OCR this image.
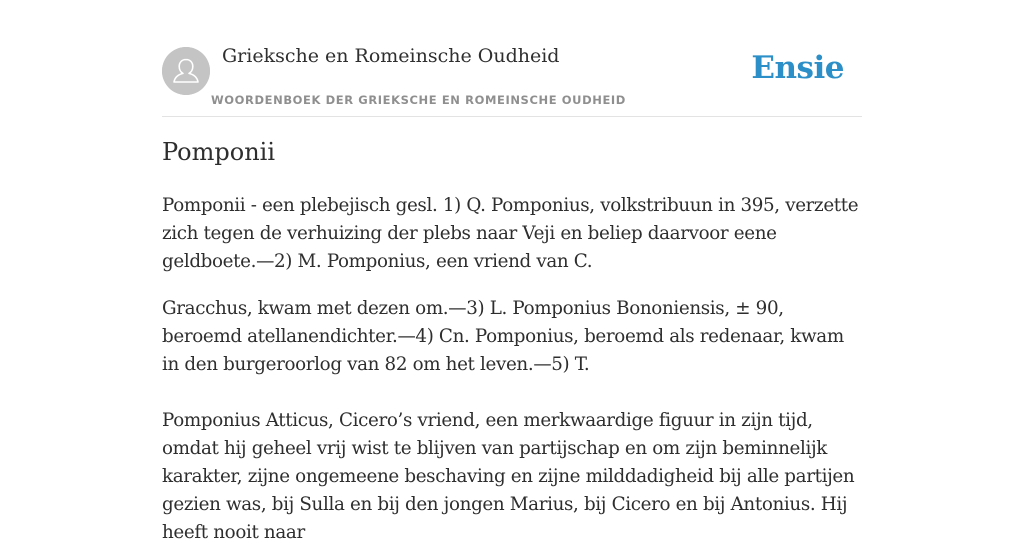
Grieksche en Romeinsche Oudheid
WOORDENBOEK DER GRIEKSCHE EN ROMEINSCHE OUDHEID
Ensie
Pomponii

Pomponii - een plebejisch gesl. 1) Q. Pomponius, volkstribuun in 395, verzette zich tegen de verhuizing der plebs naar Veji en beliep daarvoor eene geldboete.—2) M. Pomponius, een vriend van C.

Gracchus, kwam met dezen om.—3) L. Pomponius Bononiensis, ± 90, beroemd atellanendichter.—4) Cn. Pomponius, beroemd als redenaar, kwam in den burgeroorlog van 82 om het leven.—5) T.

Pomponius Atticus, Cicero’s vriend, een merkwaardige figuur in zijn tijd, omdat hij geheel vrij wist te blijven van partijschap en om zijn beminnelijk karakter, zijne ongemeene beschaving en zijne milddadigheid bij alle partijen gezien was, bij Sulla en bij den jongen Marius, bij Cicero en bij Antonius. Hij heeft nooit naar
